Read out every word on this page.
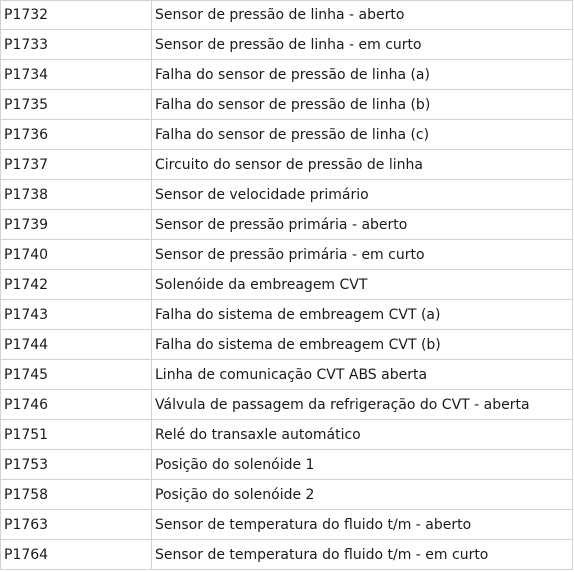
P1732	Sensor de pressão de linha - aberto
P1733	Sensor de pressão de linha - em curto
P1734	Falha do sensor de pressão de linha (a)
P1735	Falha do sensor de pressão de linha (b)
P1736	Falha do sensor de pressão de linha (c)
P1737	Circuito do sensor de pressão de linha
P1738	Sensor de velocidade primário
P1739	Sensor de pressão primária - aberto
P1740	Sensor de pressão primária - em curto
P1742	Solenóide da embreagem CVT
P1743	Falha do sistema de embreagem CVT (a)
P1744	Falha do sistema de embreagem CVT (b)
P1745	Linha de comunicação CVT ABS aberta
P1746	Válvula de passagem da refrigeração do CVT - aberta
P1751	Relé do transaxle automático
P1753	Posição do solenóide 1
P1758	Posição do solenóide 2
P1763	Sensor de temperatura do fluido t/m - aberto
P1764	Sensor de temperatura do fluido t/m - em curto
